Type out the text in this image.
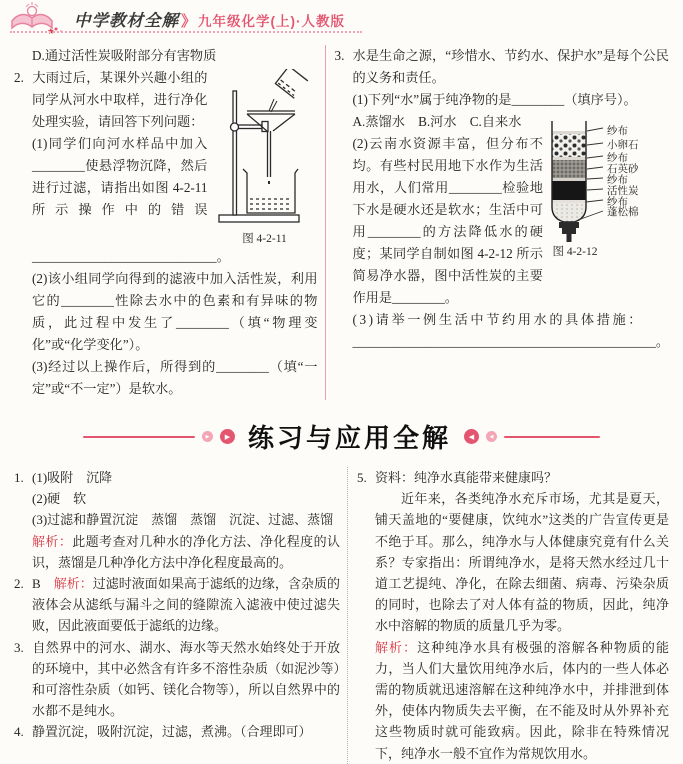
中学教材全解 》 九年级化学(上)·人教版
D.通过活性炭吸附部分有害物质
图 4-2-11
2. 大雨过后，某课外兴趣小组的同学从河水中取样，进行净化处理实验，请回答下列问题：
(1)同学们向河水样品中加入________使悬浮物沉降，然后进行过滤，请指出如图 4-2-11 所示操作中的错误____________________________。
(2)该小组同学向得到的滤液中加入活性炭，利用它的________性除去水中的色素和有异味的物质，此过程中发生了________（填“物理变化”或“化学变化”）。
(3)经过以上操作后，所得到的________（填“一定”或“不一定”）是软水。
3. 水是生命之源，“珍惜水、节约水、保护水”是每个公民的义务和责任。
(1)下列“水”属于纯净物的是________（填序号）。
A.蒸馏水　B.河水　C.自来水
纱布
小卵石
纱布
石英砂
纱布
活性炭
纱布
蓬松棉
图 4-2-12
(2)云南水资源丰富，但分布不均。有些村民用地下水作为生活用水，人们常用________检验地下水是硬水还是软水；生活中可用________的方法降低水的硬度；某同学自制如图 4-2-12 所示简易净水器，图中活性炭的主要作用是________。
(3)请举一例生活中节约用水的具体措施：
______________________________________________。
▶	▶ 练习与应用全解	◀	◀
1. (1)吸附　沉降
(2)硬　软
(3)过滤和静置沉淀　蒸馏　蒸馏　沉淀、过滤、蒸馏
解析：此题考查对几种水的净化方法、净化程度的认识，蒸馏是几种净化方法中净化程度最高的。
2. B　解析：过滤时液面如果高于滤纸的边缘，含杂质的液体会从滤纸与漏斗之间的缝隙流入滤液中使过滤失败，因此液面要低于滤纸的边缘。
3. 自然界中的河水、湖水、海水等天然水始终处于开放的环境中，其中必然含有许多不溶性杂质（如泥沙等）和可溶性杂质（如钙、镁化合物等），所以自然界中的水都不是纯水。
4. 静置沉淀，吸附沉淀，过滤，煮沸。（合理即可）
5. 资料：纯净水真能带来健康吗？
近年来，各类纯净水充斥市场，尤其是夏天，铺天盖地的“要健康，饮纯水”这类的广告宣传更是不绝于耳。那么，纯净水与人体健康究竟有什么关系？专家指出：所谓纯净水，是将天然水经过几十道工艺提纯、净化，在除去细菌、病毒、污染杂质的同时，也除去了对人体有益的物质，因此，纯净水中溶解的物质的质量几乎为零。
解析：这种纯净水具有极强的溶解各种物质的能力，当人们大量饮用纯净水后，体内的一些人体必需的物质就迅速溶解在这种纯净水中，并排泄到体外，使体内物质失去平衡，在不能及时从外界补充这些物质时就可能致病。因此，除非在特殊情况下，纯净水一般不宜作为常规饮用水。
